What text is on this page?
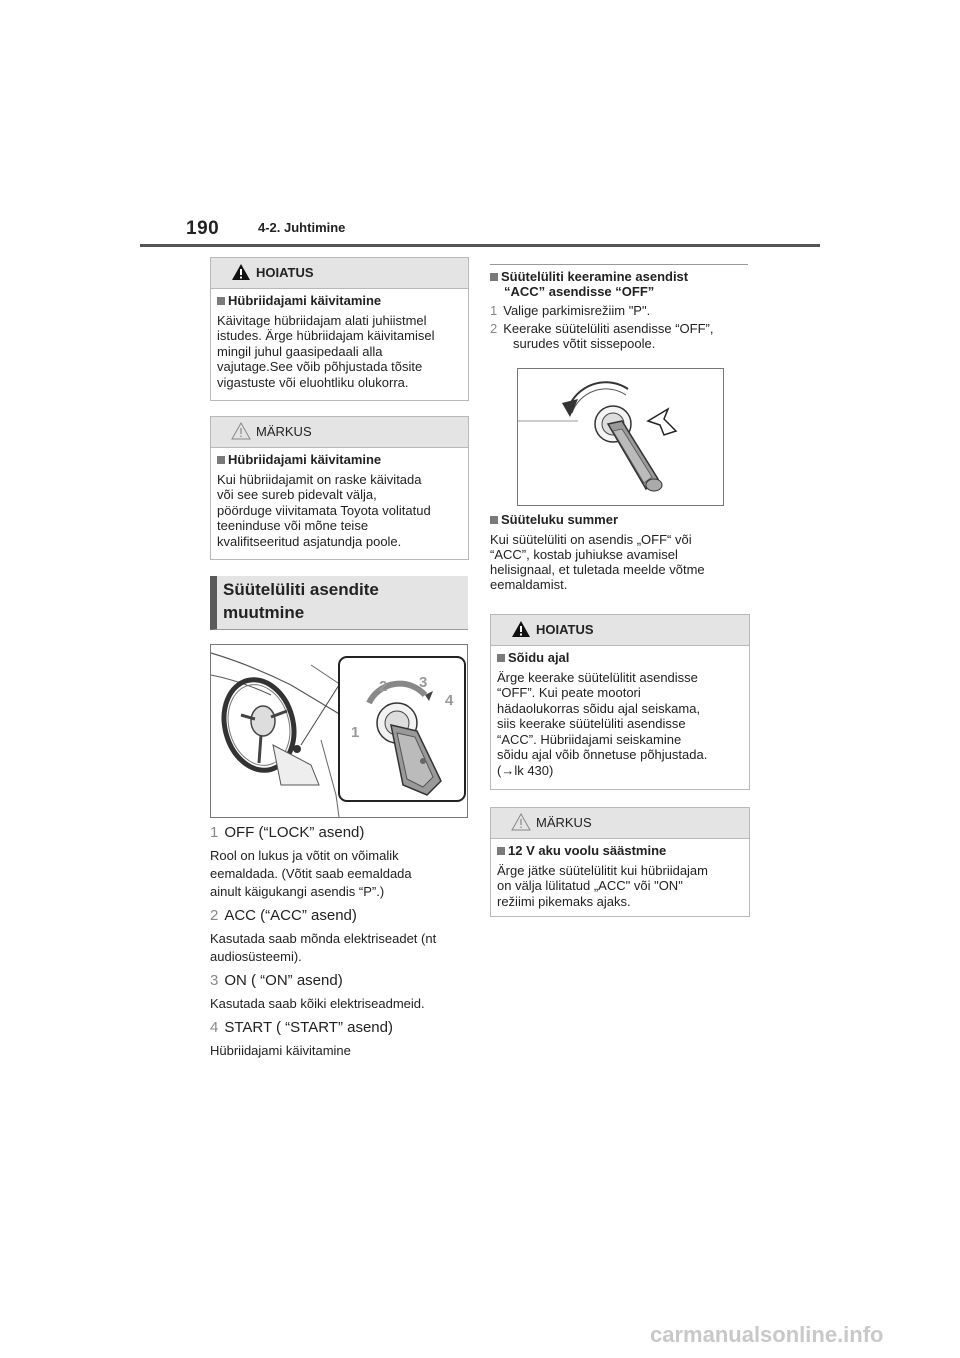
190	4-2. Juhtimine
HOIATUS
Hübriidajami käivitamine
Käivitage hübriidajam alati juhiistmel
istudes. Ärge hübriidajam käivitamisel
mingil juhul gaasipedaali alla
vajutage.See võib põhjustada tõsite
vigastuste või eluohtliku olukorra.
MÄRKUS
Hübriidajami käivitamine
Kui hübriidajamit on raske käivitada
või see sureb pidevalt välja,
pöörduge viivitamata Toyota volitatud
teeninduse või mõne teise
kvalifitseeritud asjatundja poole.
Süütelüliti asendite
muutmine
1
2 3
4
1 OFF (“LOCK” asend)
Rool on lukus ja võtit on võimalik
eemaldada. (Võtit saab eemaldada
ainult käigukangi asendis “P”.)
2 ACC (“ACC” asend)
Kasutada saab mõnda elektriseadet (nt
audiosüsteemi).
3 ON ( “ON” asend)
Kasutada saab kõiki elektriseadmeid.
4 START ( “START” asend)
Hübriidajami käivitamine
Süütelüliti keeramine asendist
“ACC” asendisse “OFF”
1 Valige parkimisrežiim "P".
2 Keerake süütelüliti asendisse “OFF”,
surudes võtit sissepoole.
Süüteluku summer
Kui süütelüliti on asendis „OFF“ või
“ACC”, kostab juhiukse avamisel
helisignaal, et tuletada meelde võtme
eemaldamist.
HOIATUS
Sõidu ajal
Ärge keerake süütelülitit asendisse
“OFF”. Kui peate mootori
hädaolukorras sõidu ajal seiskama,
siis keerake süütelüliti asendisse
“ACC”. Hübriidajami seiskamine
sõidu ajal võib õnnetuse põhjustada.
(→lk 430)
MÄRKUS
12 V aku voolu säästmine
Ärge jätke süütelülitit kui hübriidajam
on välja lülitatud „ACC" või "ON"
režiimi pikemaks ajaks.
carmanualsonline.info
